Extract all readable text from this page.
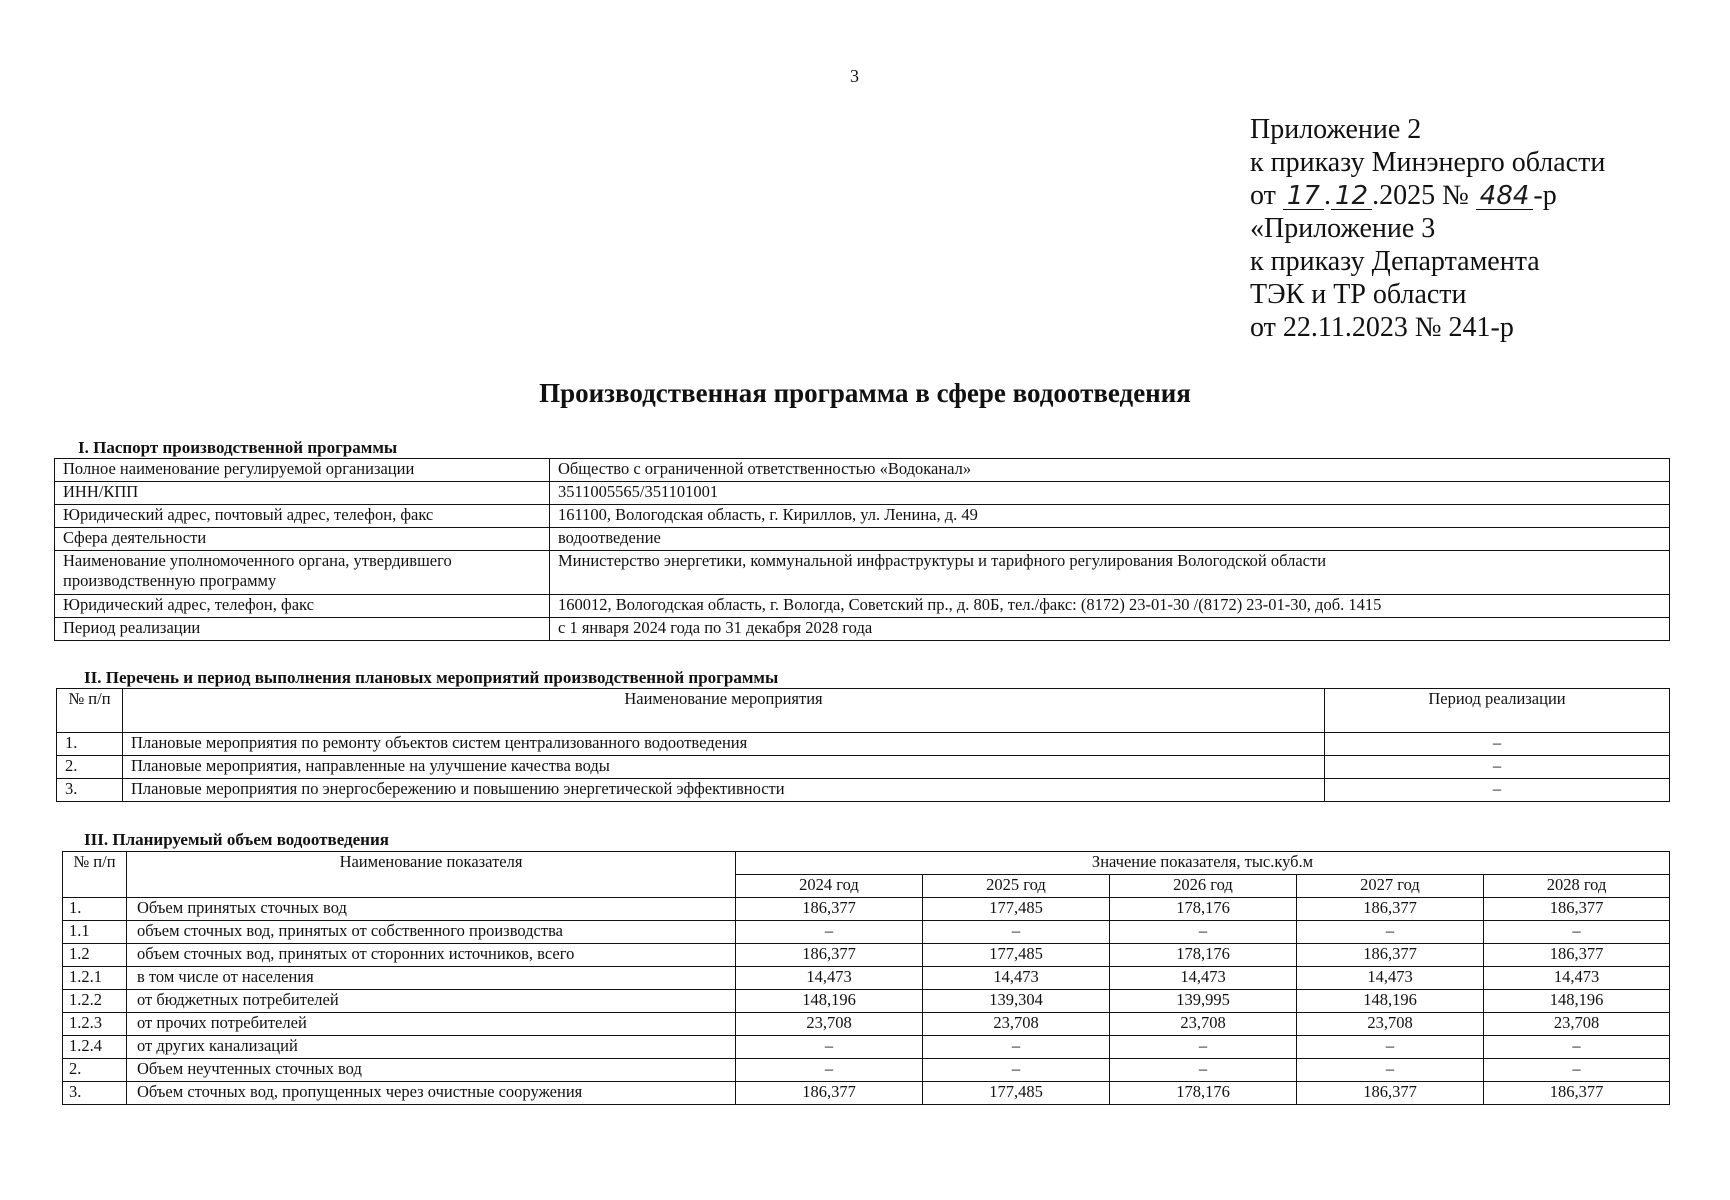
3
Приложение 2
к приказу Минэнерго области
от 17 . 12 .2025 № 484 -р
«Приложение 3
к приказу Департамента
ТЭК и ТР области
от 22.11.2023 № 241-р
Производственная программа в сфере водоотведения
I. Паспорт производственной программы
Полное наименование регулируемой организации	Общество с ограниченной ответственностью «Водоканал»
ИНН/КПП	3511005565/351101001
Юридический адрес, почтовый адрес, телефон, факс	161100, Вологодская область, г. Кириллов, ул. Ленина, д. 49
Сфера деятельности	водоотведение
Наименование уполномоченного органа, утвердившего производственную программу	Министерство энергетики, коммунальной инфраструктуры и тарифного регулирования Вологодской области
Юридический адрес, телефон, факс	160012, Вологодская область, г. Вологда, Советский пр., д. 80Б, тел./факс: (8172) 23-01-30 /(8172) 23-01-30, доб. 1415
Период реализации	с 1 января 2024 года по 31 декабря 2028 года
II. Перечень и период выполнения плановых мероприятий производственной программы
№ п/п	Наименование мероприятия	Период реализации
1.	Плановые мероприятия по ремонту объектов систем централизованного водоотведения	–
2.	Плановые мероприятия, направленные на улучшение качества воды	–
3.	Плановые мероприятия по энергосбережению и повышению энергетической эффективности	–
III. Планируемый объем водоотведения
№ п/п	Наименование показателя	Значение показателя, тыс.куб.м				
		2024 год	2025 год	2026 год	2027 год	2028 год
1.	Объем принятых сточных вод	186,377	177,485	178,176	186,377	186,377
1.1	объем сточных вод, принятых от собственного производства	–	–	–	–	–
1.2	объем сточных вод, принятых от сторонних источников, всего	186,377	177,485	178,176	186,377	186,377
1.2.1	в том числе от населения	14,473	14,473	14,473	14,473	14,473
1.2.2	от бюджетных потребителей	148,196	139,304	139,995	148,196	148,196
1.2.3	от прочих потребителей	23,708	23,708	23,708	23,708	23,708
1.2.4	от других канализаций	–	–	–	–	–
2.	Объем неучтенных сточных вод	–	–	–	–	–
3.	Объем сточных вод, пропущенных через очистные сооружения	186,377	177,485	178,176	186,377	186,377
